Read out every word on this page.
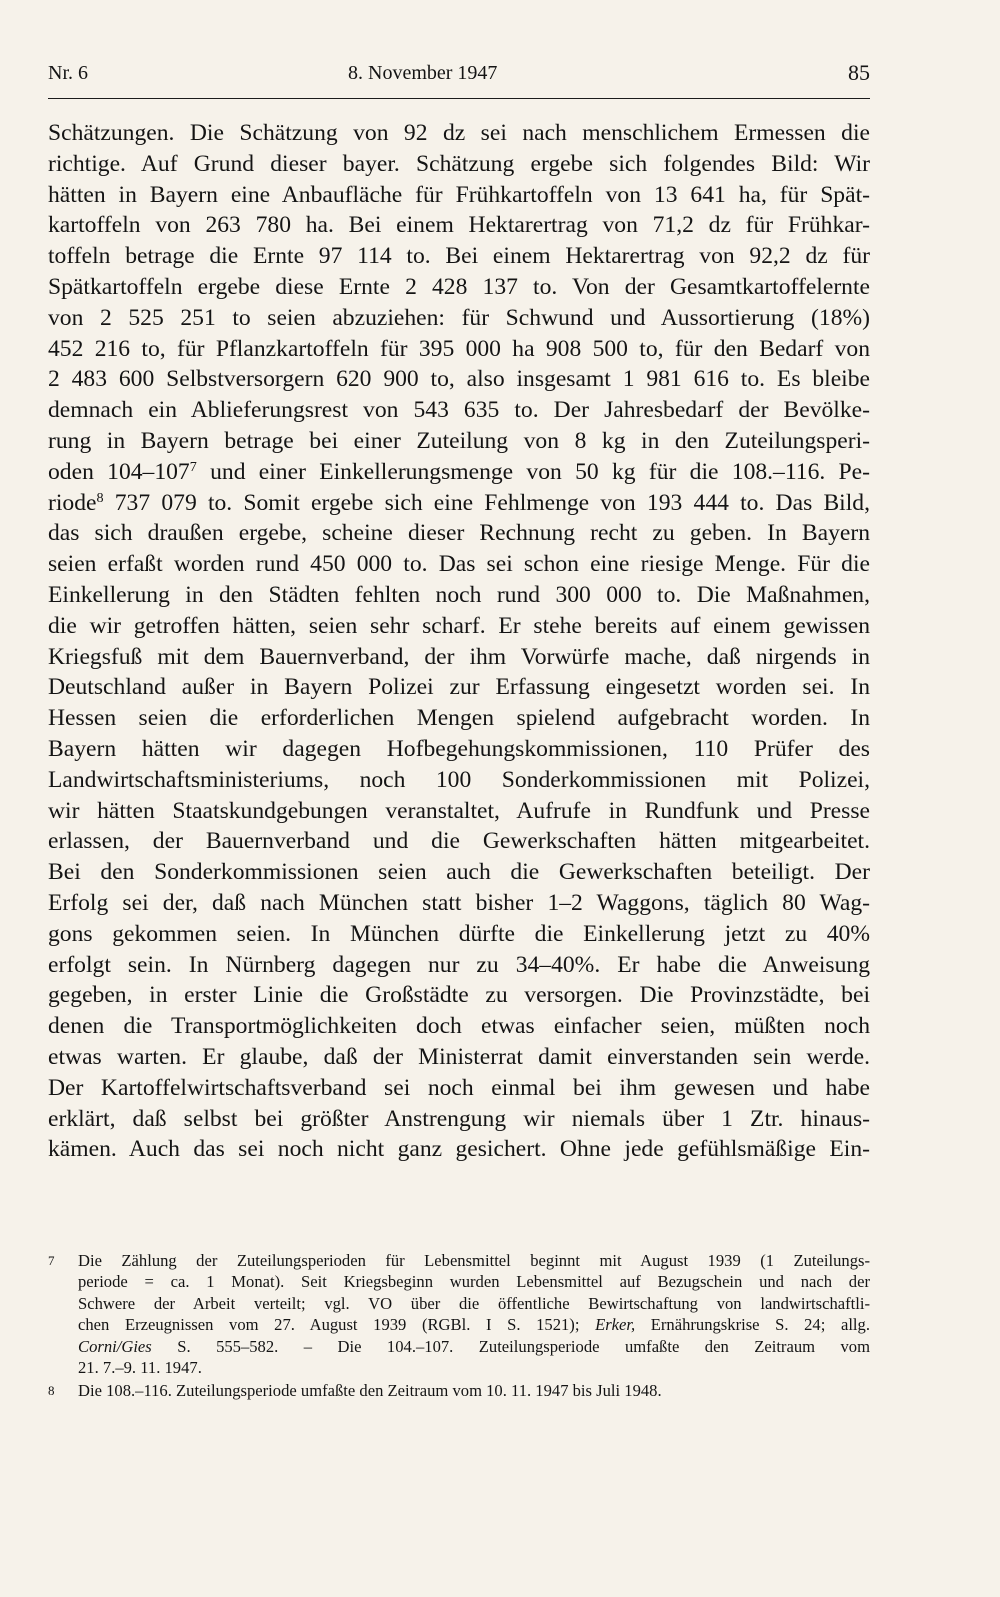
Nr. 6	8. November 1947	85
Schätzungen. Die Schätzung von 92 dz sei nach menschlichem Ermessen die
richtige. Auf Grund dieser bayer. Schätzung ergebe sich folgendes Bild: Wir
hätten in Bayern eine Anbaufläche für Frühkartoffeln von 13 641 ha, für Spät-
kartoffeln von 263 780 ha. Bei einem Hektarertrag von 71,2 dz für Frühkar-
toffeln betrage die Ernte 97 114 to. Bei einem Hektarertrag von 92,2 dz für
Spätkartoffeln ergebe diese Ernte 2 428 137 to. Von der Gesamtkartoffelernte
von 2 525 251 to seien abzuziehen: für Schwund und Aussortierung (18%)
452 216 to, für Pflanzkartoffeln für 395 000 ha 908 500 to, für den Bedarf von
2 483 600 Selbstversorgern 620 900 to, also insgesamt 1 981 616 to. Es bleibe
demnach ein Ablieferungsrest von 543 635 to. Der Jahresbedarf der Bevölke-
rung in Bayern betrage bei einer Zuteilung von 8 kg in den Zuteilungsperi-
oden $104-107^7$ und einer Einkellerungsmenge von 50 kg für die 108.–116. Pe-
riode$^8$ 737 079 to. Somit ergebe sich eine Fehlmenge von 193 444 to. Das Bild,
das sich draußen ergebe, scheine dieser Rechnung recht zu geben. In Bayern
seien erfaßt worden rund 450 000 to. Das sei schon eine riesige Menge. Für die
Einkellerung in den Städten fehlten noch rund 300 000 to. Die Maßnahmen,
die wir getroffen hätten, seien sehr scharf. Er stehe bereits auf einem gewissen
Kriegsfuß mit dem Bauernverband, der ihm Vorwürfe mache, daß nirgends in
Deutschland außer in Bayern Polizei zur Erfassung eingesetzt worden sei. In
Hessen seien die erforderlichen Mengen spielend aufgebracht worden. In
Bayern hätten wir dagegen Hofbegehungskommissionen, 110 Prüfer des
Landwirtschaftsministeriums, noch 100 Sonderkommissionen mit Polizei,
wir hätten Staatskundgebungen veranstaltet, Aufrufe in Rundfunk und Presse
erlassen, der Bauernverband und die Gewerkschaften hätten mitgearbeitet.
Bei den Sonderkommissionen seien auch die Gewerkschaften beteiligt. Der
Erfolg sei der, daß nach München statt bisher 1–2 Waggons, täglich 80 Wag-
gons gekommen seien. In München dürfte die Einkellerung jetzt zu 40%
erfolgt sein. In Nürnberg dagegen nur zu 34–40%. Er habe die Anweisung
gegeben, in erster Linie die Großstädte zu versorgen. Die Provinzstädte, bei
denen die Transportmöglichkeiten doch etwas einfacher seien, müßten noch
etwas warten. Er glaube, daß der Ministerrat damit einverstanden sein werde.
Der Kartoffelwirtschaftsverband sei noch einmal bei ihm gewesen und habe
erklärt, daß selbst bei größter Anstrengung wir niemals über 1 Ztr. hinaus-
kämen. Auch das sei noch nicht ganz gesichert. Ohne jede gefühlsmäßige Ein-
7 Die Zählung der Zuteilungsperioden für Lebensmittel beginnt mit August 1939 (1 Zuteilungs-
periode = ca. 1 Monat). Seit Kriegsbeginn wurden Lebensmittel auf Bezugschein und nach der
Schwere der Arbeit verteilt; vgl. VO über die öffentliche Bewirtschaftung von landwirtschaftli-
chen Erzeugnissen vom 27. August 1939 (RGBl. I S. 1521); Erker, Ernährungskrise S. 24; allg.
Corni/Gies S. 555–582. – Die 104.–107. Zuteilungsperiode umfaßte den Zeitraum vom
21. 7.–9. 11. 1947.
8 Die 108.–116. Zuteilungsperiode umfaßte den Zeitraum vom 10. 11. 1947 bis Juli 1948.
